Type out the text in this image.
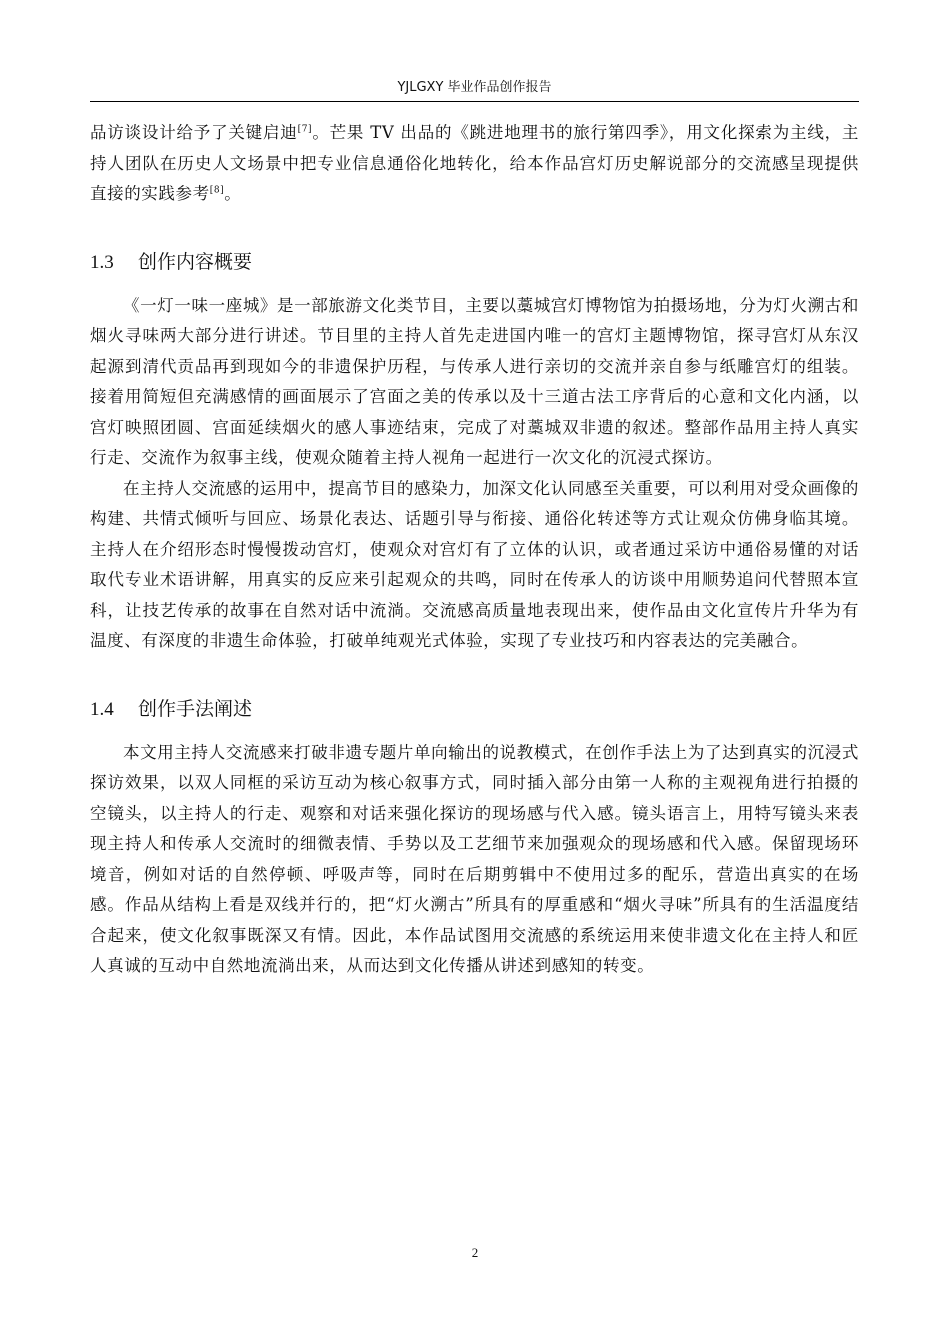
YJLGXY 毕业作品创作报告

品访谈设计给予了关键启迪[7]。芒果 TV 出品的《跳进地理书的旅行第四季》，用文化探索为主线，主持人团队在历史人文场景中把专业信息通俗化地转化，给本作品宫灯历史解说部分的交流感呈现提供直接的实践参考[8]。

1.3 创作内容概要

《一灯一味一座城》是一部旅游文化类节目，主要以藁城宫灯博物馆为拍摄场地，分为灯火溯古和烟火寻味两大部分进行讲述。节目里的主持人首先走进国内唯一的宫灯主题博物馆，探寻宫灯从东汉起源到清代贡品再到现如今的非遗保护历程，与传承人进行亲切的交流并亲自参与纸雕宫灯的组装。接着用简短但充满感情的画面展示了宫面之美的传承以及十三道古法工序背后的心意和文化内涵，以宫灯映照团圆、宫面延续烟火的感人事迹结束，完成了对藁城双非遗的叙述。整部作品用主持人真实行走、交流作为叙事主线，使观众随着主持人视角一起进行一次文化的沉浸式探访。

在主持人交流感的运用中，提高节目的感染力，加深文化认同感至关重要，可以利用对受众画像的构建、共情式倾听与回应、场景化表达、话题引导与衔接、通俗化转述等方式让观众仿佛身临其境。主持人在介绍形态时慢慢拨动宫灯，使观众对宫灯有了立体的认识，或者通过采访中通俗易懂的对话取代专业术语讲解，用真实的反应来引起观众的共鸣，同时在传承人的访谈中用顺势追问代替照本宣科，让技艺传承的故事在自然对话中流淌。交流感高质量地表现出来，使作品由文化宣传片升华为有温度、有深度的非遗生命体验，打破单纯观光式体验，实现了专业技巧和内容表达的完美融合。

1.4 创作手法阐述

本文用主持人交流感来打破非遗专题片单向输出的说教模式，在创作手法上为了达到真实的沉浸式探访效果，以双人同框的采访互动为核心叙事方式，同时插入部分由第一人称的主观视角进行拍摄的空镜头，以主持人的行走、观察和对话来强化探访的现场感与代入感。镜头语言上，用特写镜头来表现主持人和传承人交流时的细微表情、手势以及工艺细节来加强观众的现场感和代入感。保留现场环境音，例如对话的自然停顿、呼吸声等，同时在后期剪辑中不使用过多的配乐，营造出真实的在场感。作品从结构上看是双线并行的，把“灯火溯古”所具有的厚重感和“烟火寻味”所具有的生活温度结合起来，使文化叙事既深又有情。因此，本作品试图用交流感的系统运用来使非遗文化在主持人和匠人真诚的互动中自然地流淌出来，从而达到文化传播从讲述到感知的转变。

2
